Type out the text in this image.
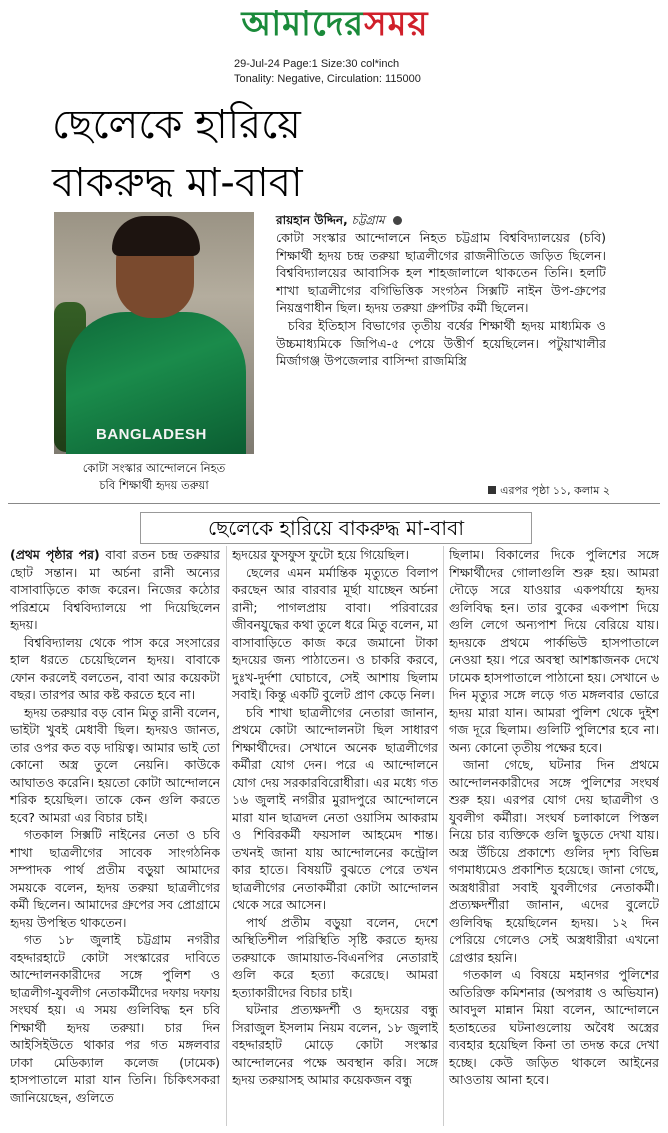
আমাদেরসময়
29-Jul-24 Page:1 Size:30 col*inch
Tonality: Negative, Circulation: 115000
ছেলেকে হারিয়ে
বাকরুদ্ধ মা-বাবা
BANGLADESH
কোটা সংস্কার আন্দোলনে নিহত
চবি শিক্ষার্থী হৃদয় তরুয়া
রায়হান উদ্দিন, চট্টগ্রাম

কোটা সংস্কার আন্দোলনে নিহত চট্টগ্রাম বিশ্ববিদ্যালয়ের (চবি) শিক্ষার্থী হৃদয় চন্দ্র তরুয়া ছাত্রলীগের রাজনীতিতে জড়িত ছিলেন। বিশ্ববিদ্যালয়ের আবাসিক হল শাহজালালে থাকতেন তিনি। হলটি শাখা ছাত্রলীগের বগিভিত্তিক সংগঠন সিক্সটি নাইন উপ-গ্রুপের নিয়ন্ত্রণাধীন ছিল। হৃদয় তরুয়া গ্রুপটির কর্মী ছিলেন।

চবির ইতিহাস বিভাগের তৃতীয় বর্ষের শিক্ষার্থী হৃদয় মাধ্যমিক ও উচ্চমাধ্যমিকে জিপিএ-৫ পেয়ে উত্তীর্ণ হয়েছিলেন। পটুয়াখালীর মির্জাগঞ্জ উপজেলার বাসিন্দা রাজমিস্ত্রি

এরপর পৃষ্ঠা ১১, কলাম ২
ছেলেকে হারিয়ে বাকরুদ্ধ মা-বাবা

(প্রথম পৃষ্ঠার পর) বাবা রতন চন্দ্র তরুয়ার ছোট সন্তান। মা অর্চনা রানী অন্যের বাসাবাড়িতে কাজ করেন। নিজের কঠোর পরিশ্রমে বিশ্ববিদ্যালয়ে পা দিয়েছিলেন হৃদয়।

বিশ্ববিদ্যালয় থেকে পাস করে সংসারের হাল ধরতে চেয়েছিলেন হৃদয়। বাবাকে ফোন করলেই বলতেন, বাবা আর কয়েকটা বছর। তারপর আর কষ্ট করতে হবে না।

হৃদয় তরুয়ার বড় বোন মিতু রানী বলেন, ভাইটা খুবই মেধাবী ছিল। হৃদয়ও জানত, তার ওপর কত বড় দায়িত্ব। আমার ভাই তো কোনো অস্ত্র তুলে নেয়নি। কাউকে আঘাতও করেনি। হয়তো কোটা আন্দোলনে শরিক হয়েছিল। তাকে কেন গুলি করতে হবে? আমরা এর বিচার চাই।

গতকাল সিক্সটি নাইনের নেতা ও চবি শাখা ছাত্রলীগের সাবেক সাংগঠনিক সম্পাদক পার্থ প্রতীম বড়ুয়া আমাদের সময়কে বলেন, হৃদয় তরুয়া ছাত্রলীগের কর্মী ছিলেন। আমাদের গ্রুপের সব প্রোগ্রামে হৃদয় উপস্থিত থাকতেন।

গত ১৮ জুলাই চট্টগ্রাম নগরীর বহদ্দারহাটে কোটা সংস্কারের দাবিতে আন্দোলনকারীদের সঙ্গে পুলিশ ও ছাত্রলীগ-যুবলীগ নেতাকর্মীদের দফায় দফায় সংঘর্ষ হয়। এ সময় গুলিবিদ্ধ হন চবি শিক্ষার্থী হৃদয় তরুয়া। চার দিন আইসিইউতে থাকার পর গত মঙ্গলবার ঢাকা মেডিক্যাল কলেজ (ঢামেক) হাসপাতালে মারা যান তিনি। চিকিৎসকরা জানিয়েছেন, গুলিতে

হৃদয়ের ফুসফুস ফুটো হয়ে গিয়েছিল।

ছেলের এমন মর্মান্তিক মৃত্যুতে বিলাপ করছেন আর বারবার মূর্ছা যাচ্ছেন অর্চনা রানী; পাগলপ্রায় বাবা। পরিবারের জীবনযুদ্ধের কথা তুলে ধরে মিতু বলেন, মা বাসাবাড়িতে কাজ করে জমানো টাকা হৃদয়ের জন্য পাঠাতেন। ও চাকরি করবে, দুঃখ-দুর্দশা ঘোচাবে, সেই আশায় ছিলাম সবাই। কিন্তু একটি বুলেট প্রাণ কেড়ে নিল।

চবি শাখা ছাত্রলীগের নেতারা জানান, প্রথমে কোটা আন্দোলনটা ছিল সাধারণ শিক্ষার্থীদের। সেখানে অনেক ছাত্রলীগের কর্মীরা যোগ দেন। পরে এ আন্দোলনে যোগ দেয় সরকারবিরোধীরা। এর মধ্যে গত ১৬ জুলাই নগরীর মুরাদপুরে আন্দোলনে মারা যান ছাত্রদল নেতা ওয়াসিম আকরাম ও শিবিরকর্মী ফয়সাল আহমেদ শান্ত। তখনই জানা যায় আন্দোলনের কন্ট্রোল কার হাতে। বিষয়টি বুঝতে পেরে তখন ছাত্রলীগের নেতাকর্মীরা কোটা আন্দোলন থেকে সরে আসেন।

পার্থ প্রতীম বড়ুয়া বলেন, দেশে অস্থিতিশীল পরিস্থিতি সৃষ্টি করতে হৃদয় তরুয়াকে জামায়াত-বিএনপির নেতারাই গুলি করে হত্যা করেছে। আমরা হত্যাকারীদের বিচার চাই।

ঘটনার প্রত্যক্ষদর্শী ও হৃদয়ের বন্ধু সিরাজুল ইসলাম নিয়ম বলেন, ১৮ জুলাই বহদ্দারহাট মোড়ে কোটা সংস্কার আন্দোলনের পক্ষে অবস্থান করি। সঙ্গে হৃদয় তরুয়াসহ আমার কয়েকজন বন্ধু

ছিলাম। বিকালের দিকে পুলিশের সঙ্গে শিক্ষার্থীদের গোলাগুলি শুরু হয়। আমরা দৌড়ে সরে যাওয়ার একপর্যায়ে হৃদয় গুলিবিদ্ধ হন। তার বুকের একপাশ দিয়ে গুলি লেগে অন্যপাশ দিয়ে বেরিয়ে যায়। হৃদয়কে প্রথমে পার্কভিউ হাসপাতালে নেওয়া হয়। পরে অবস্থা আশঙ্কাজনক দেখে ঢামেক হাসপাতালে পাঠানো হয়। সেখানে ৬ দিন মৃত্যুর সঙ্গে লড়ে গত মঙ্গলবার ভোরে হৃদয় মারা যান। আমরা পুলিশ থেকে দুইশ গজ দূরে ছিলাম। গুলিটি পুলিশের হবে না। অন্য কোনো তৃতীয় পক্ষের হবে।

জানা গেছে, ঘটনার দিন প্রথমে আন্দোলনকারীদের সঙ্গে পুলিশের সংঘর্ষ শুরু হয়। এরপর যোগ দেয় ছাত্রলীগ ও যুবলীগ কর্মীরা। সংঘর্ষ চলাকালে পিস্তল নিয়ে চার ব্যক্তিকে গুলি ছুড়তে দেখা যায়। অস্ত্র উঁচিয়ে প্রকাশ্যে গুলির দৃশ্য বিভিন্ন গণমাধ্যমেও প্রকাশিত হয়েছে। জানা গেছে, অস্ত্রধারীরা সবাই যুবলীগের নেতাকর্মী। প্রত্যক্ষদর্শীরা জানান, এদের বুলেটে গুলিবিদ্ধ হয়েছিলেন হৃদয়। ১২ দিন পেরিয়ে গেলেও সেই অস্ত্রধারীরা এখনো গ্রেপ্তার হয়নি।

গতকাল এ বিষয়ে মহানগর পুলিশের অতিরিক্ত কমিশনার (অপরাধ ও অভিযান) আবদুল মান্নান মিয়া বলেন, আন্দোলনে হতাহতের ঘটনাগুলোয় অবৈধ অস্ত্রের ব্যবহার হয়েছিল কিনা তা তদন্ত করে দেখা হচ্ছে। কেউ জড়িত থাকলে আইনের আওতায় আনা হবে।
